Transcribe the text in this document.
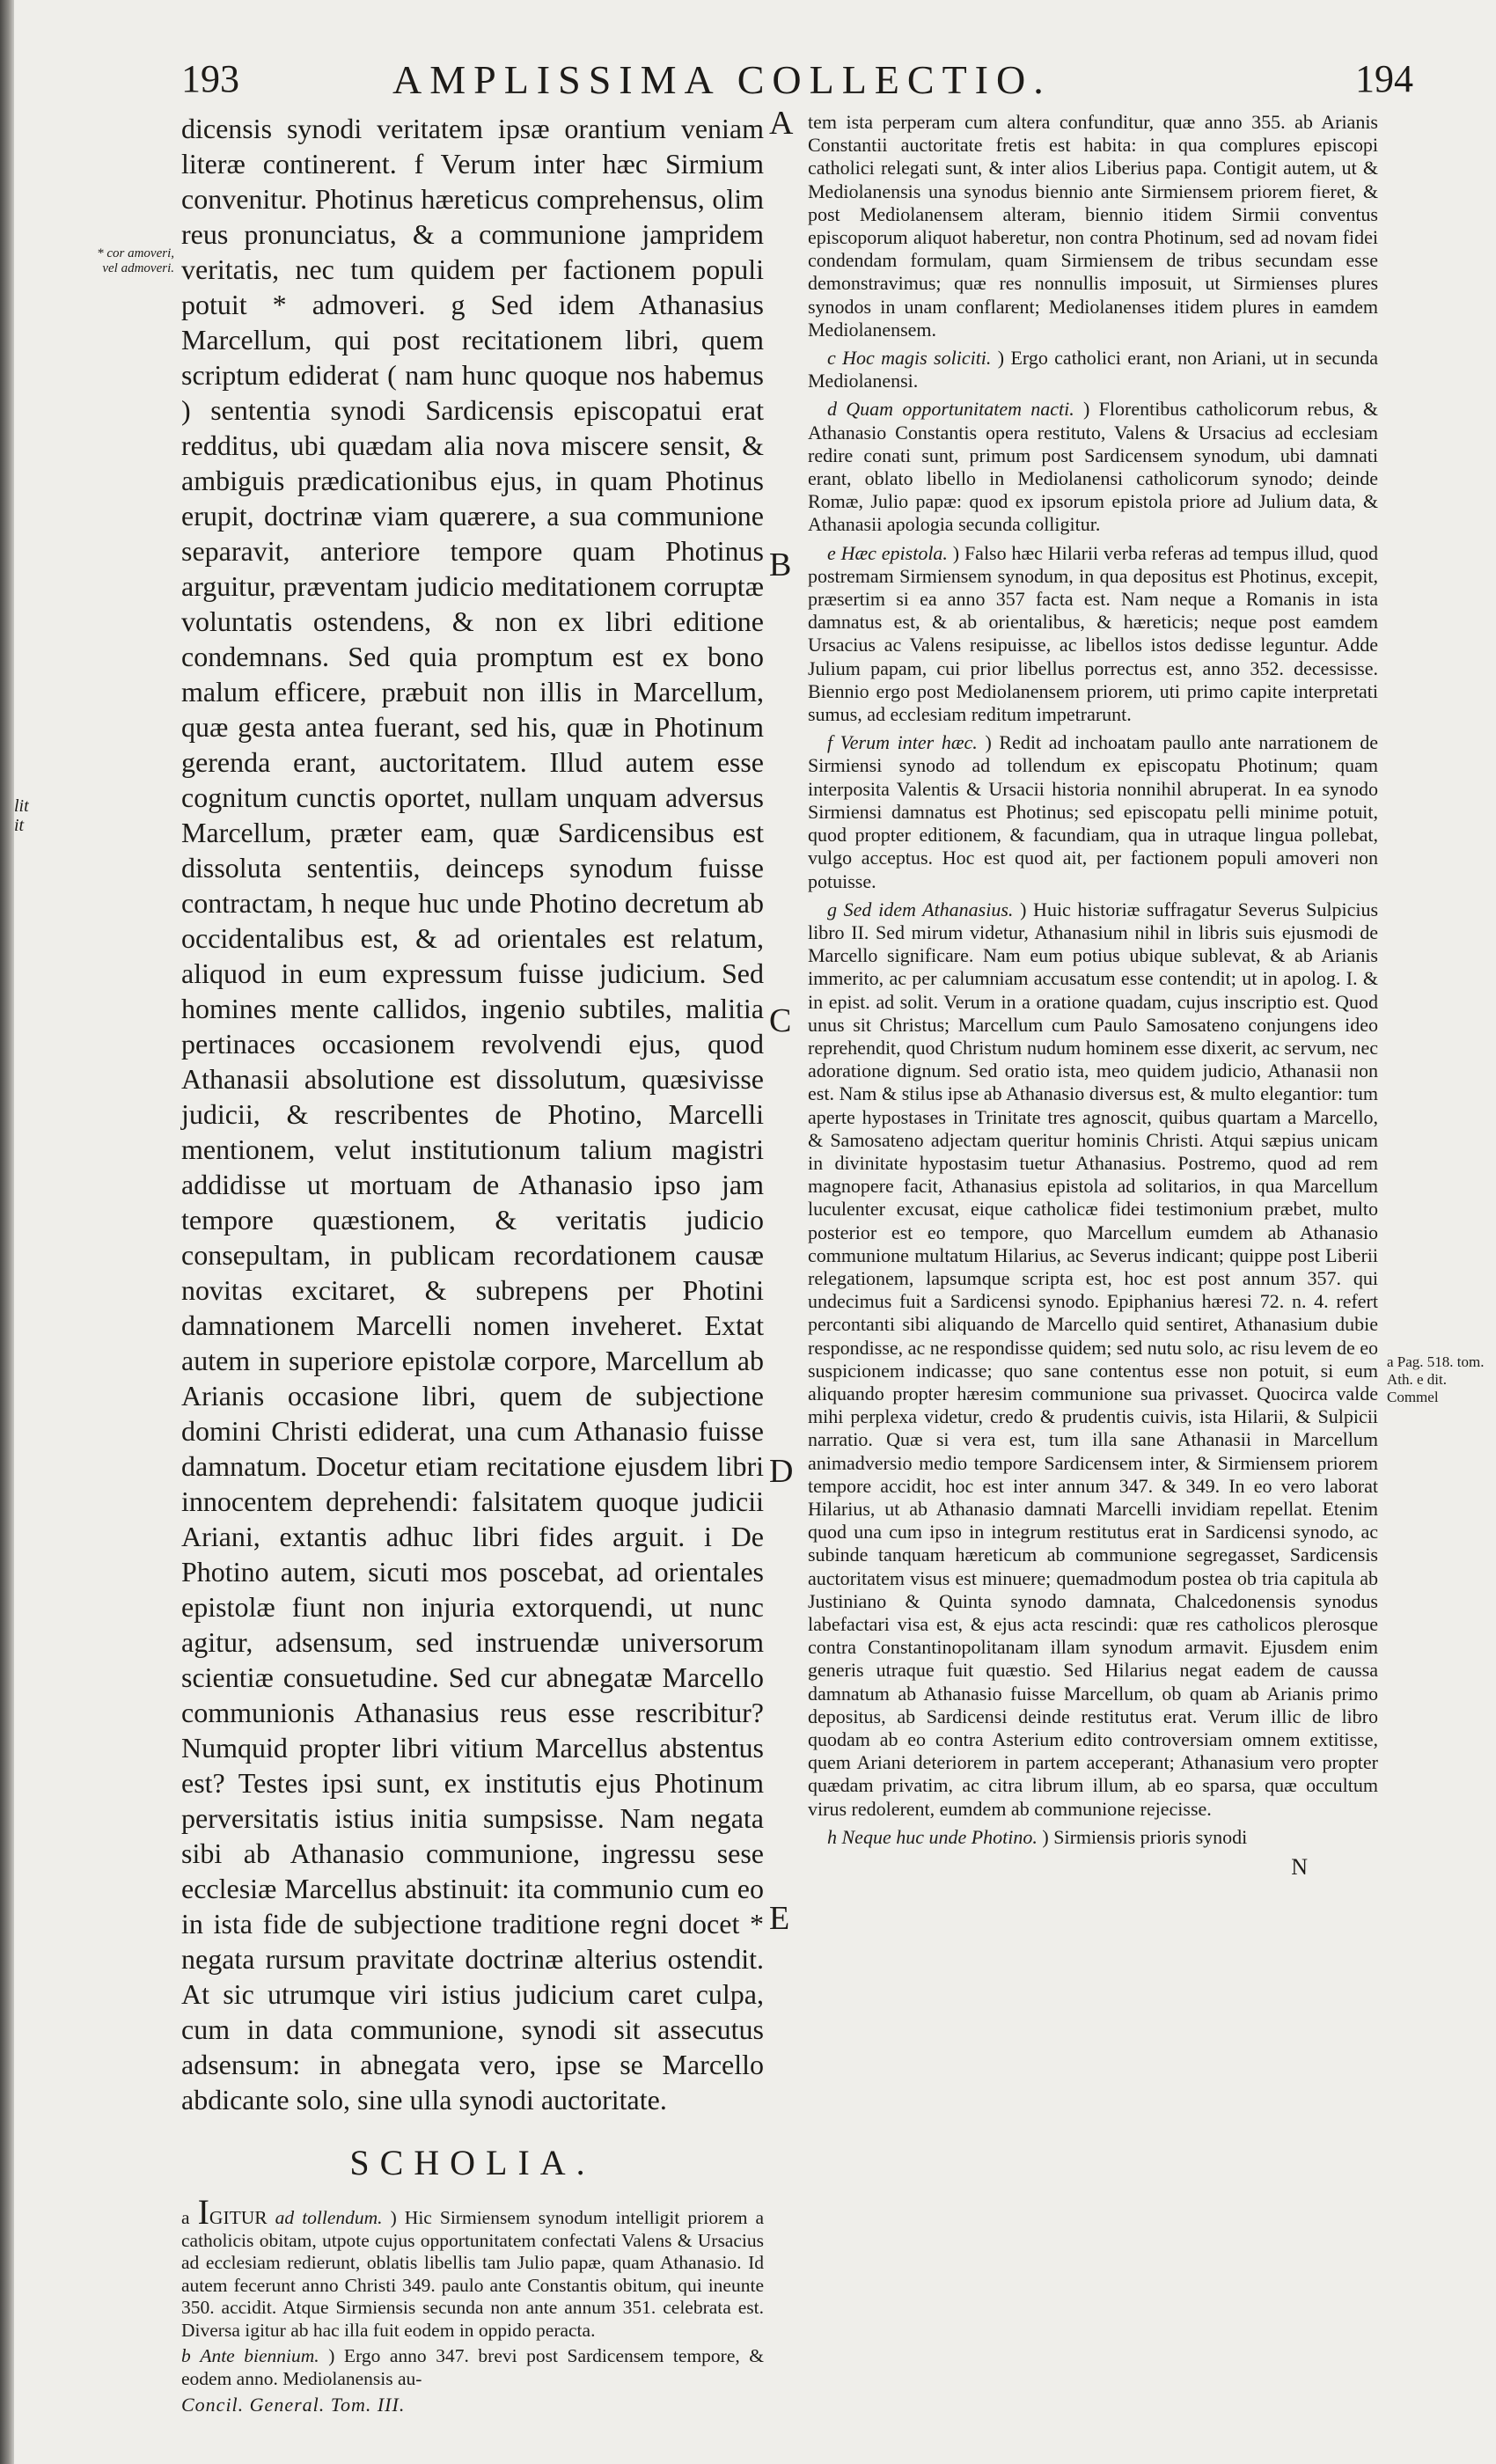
lit
it
193	AMPLISSIMA COLLECTIO.	194
* cor amoveri, vel admoveri.
a Pag. 518. tom. Ath. e dit. Commel
A
B
C
D
E

dicensis synodi veritatem ipsæ orantium veniam literæ continerent. f Verum inter hæc Sirmium convenitur. Photinus hæreticus comprehensus, olim reus pronunciatus, & a communione jampridem veritatis, nec tum quidem per factionem populi potuit * admoveri. g Sed idem Athanasius Marcellum, qui post recitationem libri, quem scriptum ediderat ( nam hunc quoque nos habemus ) sententia synodi Sardicensis episcopatui erat redditus, ubi quædam alia nova miscere sensit, & ambiguis prædicationibus ejus, in quam Photinus erupit, doctrinæ viam quærere, a sua communione separavit, anteriore tempore quam Photinus arguitur, præventam judicio meditationem corruptæ voluntatis ostendens, & non ex libri editione condemnans. Sed quia promptum est ex bono malum efficere, præbuit non illis in Marcellum, quæ gesta antea fuerant, sed his, quæ in Photinum gerenda erant, auctoritatem. Illud autem esse cognitum cunctis oportet, nullam unquam adversus Marcellum, præter eam, quæ Sardicensibus est dissoluta sententiis, deinceps synodum fuisse contractam, h neque huc unde Photino decretum ab occidentalibus est, & ad orientales est relatum, aliquod in eum expressum fuisse judicium. Sed homines mente callidos, ingenio subtiles, malitia pertinaces occasionem revolvendi ejus, quod Athanasii absolutione est dissolutum, quæsivisse judicii, & rescribentes de Photino, Marcelli mentionem, velut institutionum talium magistri addidisse ut mortuam de Athanasio ipso jam tempore quæstionem, & veritatis judicio consepultam, in publicam recordationem causæ novitas excitaret, & subrepens per Photini damnationem Marcelli nomen inveheret. Extat autem in superiore epistolæ corpore, Marcellum ab Arianis occasione libri, quem de subjectione domini Christi ediderat, una cum Athanasio fuisse damnatum. Docetur etiam recitatione ejusdem libri innocentem deprehendi: falsitatem quoque judicii Ariani, extantis adhuc libri fides arguit. i De Photino autem, sicuti mos poscebat, ad orientales epistolæ fiunt non injuria extorquendi, ut nunc agitur, adsensum, sed instruendæ universorum scientiæ consuetudine. Sed cur abnegatæ Marcello communionis Athanasius reus esse rescribitur? Numquid propter libri vitium Marcellus abstentus est? Testes ipsi sunt, ex institutis ejus Photinum perversitatis istius initia sumpsisse. Nam negata sibi ab Athanasio communione, ingressu sese ecclesiæ Marcellus abstinuit: ita communio cum eo in ista fide de subjectione traditione regni docet * negata rursum pravitate doctrinæ alterius ostendit. At sic utrumque viri istius judicium caret culpa, cum in data communione, synodi sit assecutus adsensum: in abnegata vero, ipse se Marcello abdicante solo, sine ulla synodi auctoritate.

SCHOLIA.

a IGITUR ad tollendum. ) Hic Sirmiensem synodum intelligit priorem a catholicis obitam, utpote cujus opportunitatem confectati Valens & Ursacius ad ecclesiam redierunt, oblatis libellis tam Julio papæ, quam Athanasio. Id autem fecerunt anno Christi 349. paulo ante Constantis obitum, qui ineunte 350. accidit. Atque Sirmiensis secunda non ante annum 351. celebrata est. Diversa igitur ab hac illa fuit eodem in oppido peracta.

b Ante biennium. ) Ergo anno 347. brevi post Sardicensem tempore, & eodem anno. Mediolanensis au-

Concil. General. Tom. III.

tem ista perperam cum altera confunditur, quæ anno 355. ab Arianis Constantii auctoritate fretis est habita: in qua complures episcopi catholici relegati sunt, & inter alios Liberius papa. Contigit autem, ut & Mediolanensis una synodus biennio ante Sirmiensem priorem fieret, & post Mediolanensem alteram, biennio itidem Sirmii conventus episcoporum aliquot haberetur, non contra Photinum, sed ad novam fidei condendam formulam, quam Sirmiensem de tribus secundam esse demonstravimus; quæ res nonnullis imposuit, ut Sirmienses plures synodos in unam conflarent; Mediolanenses itidem plures in eamdem Mediolanensem.

c Hoc magis soliciti. ) Ergo catholici erant, non Ariani, ut in secunda Mediolanensi.

d Quam opportunitatem nacti. ) Florentibus catholicorum rebus, & Athanasio Constantis opera restituto, Valens & Ursacius ad ecclesiam redire conati sunt, primum post Sardicensem synodum, ubi damnati erant, oblato libello in Mediolanensi catholicorum synodo; deinde Romæ, Julio papæ: quod ex ipsorum epistola priore ad Julium data, & Athanasii apologia secunda colligitur.

e Hæc epistola. ) Falso hæc Hilarii verba referas ad tempus illud, quod postremam Sirmiensem synodum, in qua depositus est Photinus, excepit, præsertim si ea anno 357 facta est. Nam neque a Romanis in ista damnatus est, & ab orientalibus, & hæreticis; neque post eamdem Ursacius ac Valens resipuisse, ac libellos istos dedisse leguntur. Adde Julium papam, cui prior libellus porrectus est, anno 352. decessisse. Biennio ergo post Mediolanensem priorem, uti primo capite interpretati sumus, ad ecclesiam reditum impetrarunt.

f Verum inter hæc. ) Redit ad inchoatam paullo ante narrationem de Sirmiensi synodo ad tollendum ex episcopatu Photinum; quam interposita Valentis & Ursacii historia nonnihil abruperat. In ea synodo Sirmiensi damnatus est Photinus; sed episcopatu pelli minime potuit, quod propter editionem, & facundiam, qua in utraque lingua pollebat, vulgo acceptus. Hoc est quod ait, per factionem populi amoveri non potuisse.

g Sed idem Athanasius. ) Huic historiæ suffragatur Severus Sulpicius libro II. Sed mirum videtur, Athanasium nihil in libris suis ejusmodi de Marcello significare. Nam eum potius ubique sublevat, & ab Arianis immerito, ac per calumniam accusatum esse contendit; ut in apolog. I. & in epist. ad solit. Verum in a oratione quadam, cujus inscriptio est. Quod unus sit Christus; Marcellum cum Paulo Samosateno conjungens ideo reprehendit, quod Christum nudum hominem esse dixerit, ac servum, nec adoratione dignum. Sed oratio ista, meo quidem judicio, Athanasii non est. Nam & stilus ipse ab Athanasio diversus est, & multo elegantior: tum aperte hypostases in Trinitate tres agnoscit, quibus quartam a Marcello, & Samosateno adjectam queritur hominis Christi. Atqui sæpius unicam in divinitate hypostasim tuetur Athanasius. Postremo, quod ad rem magnopere facit, Athanasius epistola ad solitarios, in qua Marcellum luculenter excusat, eique catholicæ fidei testimonium præbet, multo posterior est eo tempore, quo Marcellum eumdem ab Athanasio communione multatum Hilarius, ac Severus indicant; quippe post Liberii relegationem, lapsumque scripta est, hoc est post annum 357. qui undecimus fuit a Sardicensi synodo. Epiphanius hæresi 72. n. 4. refert percontanti sibi aliquando de Marcello quid sentiret, Athanasium dubie respondisse, ac ne respondisse quidem; sed nutu solo, ac risu levem de eo suspicionem indicasse; quo sane contentus esse non potuit, si eum aliquando propter hæresim communione sua privasset. Quocirca valde mihi perplexa videtur, credo & prudentis cuivis, ista Hilarii, & Sulpicii narratio. Quæ si vera est, tum illa sane Athanasii in Marcellum animadversio medio tempore Sardicensem inter, & Sirmiensem priorem tempore accidit, hoc est inter annum 347. & 349. In eo vero laborat Hilarius, ut ab Athanasio damnati Marcelli invidiam repellat. Etenim quod una cum ipso in integrum restitutus erat in Sardicensi synodo, ac subinde tanquam hæreticum ab communione segregasset, Sardicensis auctoritatem visus est minuere; quemadmodum postea ob tria capitula ab Justiniano & Quinta synodo damnata, Chalcedonensis synodus labefactari visa est, & ejus acta rescindi: quæ res catholicos plerosque contra Constantinopolitanam illam synodum armavit. Ejusdem enim generis utraque fuit quæstio. Sed Hilarius negat eadem de caussa damnatum ab Athanasio fuisse Marcellum, ob quam ab Arianis primo depositus, ab Sardicensi deinde restitutus erat. Verum illic de libro quodam ab eo contra Asterium edito controversiam omnem extitisse, quem Ariani deteriorem in partem acceperant; Athanasium vero propter quædam privatim, ac citra librum illum, ab eo sparsa, quæ occultum virus redolerent, eumdem ab communione rejecisse.

h Neque huc unde Photino. ) Sirmiensis prioris synodi

N
